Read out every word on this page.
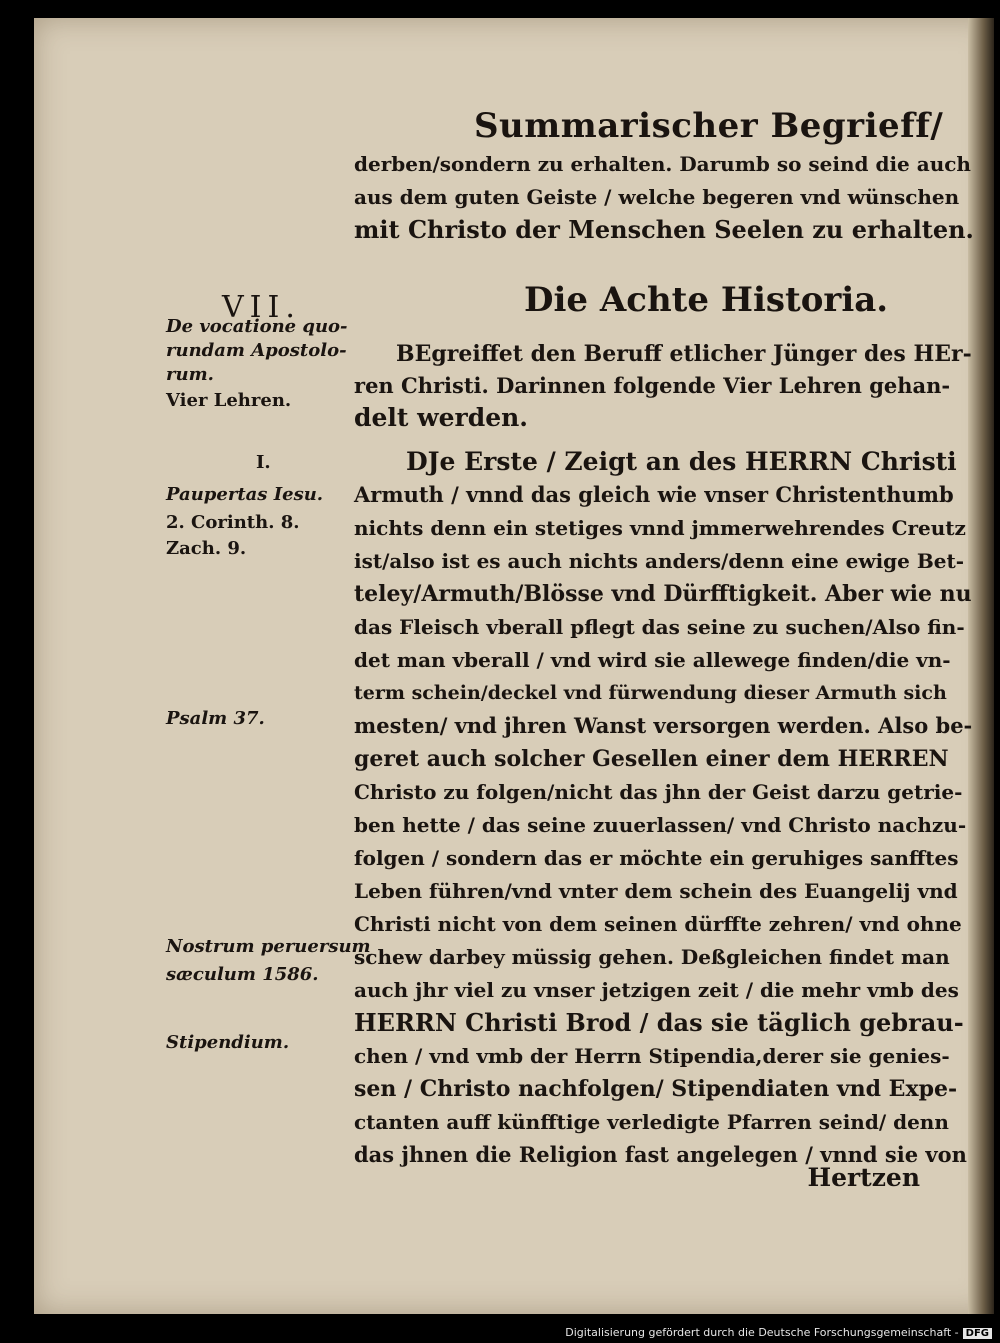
Summarischer Begrieff/
derben/sondern zu erhalten. Darumb so seind die auch
aus dem guten Geiste / welche begeren vnd wünschen
mit Christo der Menschen Seelen zu erhalten.
VII.	Die Achte Historia.
De vocatione quo-
rundam Apostolo-
rum.
Vier Lehren.
I.
Paupertas Iesu.
2. Corinth. 8.
Zach. 9.
Psalm 37.
Nostrum peruersum
sæculum 1586.
Stipendium.
BEgreiffet den Beruff etlicher Jünger des HEr-
ren Christi. Darinnen folgende Vier Lehren gehan-
delt werden.
DJe Erste / Zeigt an des HERRN Christi
Armuth / vnnd das gleich wie vnser Christenthumb
nichts denn ein stetiges vnnd jmmerwehrendes Creutz
ist/also ist es auch nichts anders/denn eine ewige Bet-
teley/Armuth/Blösse vnd Dürfftigkeit. Aber wie nu
das Fleisch vberall pflegt das seine zu suchen/Also fin-
det man vberall / vnd wird sie allewege finden/die vn-
term schein/deckel vnd fürwendung dieser Armuth sich
mesten/ vnd jhren Wanst versorgen werden. Also be-
geret auch solcher Gesellen einer dem HERREN
Christo zu folgen/nicht das jhn der Geist darzu getrie-
ben hette / das seine zuuerlassen/ vnd Christo nachzu-
folgen / sondern das er möchte ein geruhiges sanfftes
Leben führen/vnd vnter dem schein des Euangelij vnd
Christi nicht von dem seinen dürffte zehren/ vnd ohne
schew darbey müssig gehen. Deßgleichen findet man
auch jhr viel zu vnser jetzigen zeit / die mehr vmb des
HERRN Christi Brod / das sie täglich gebrau-
chen / vnd vmb der Herrn Stipendia,derer sie genies-
sen / Christo nachfolgen/ Stipendiaten vnd Expe-
ctanten auff künfftige verledigte Pfarren seind/ denn
das jhnen die Religion fast angelegen / vnnd sie von
Hertzen
Digitalisierung gefördert durch die Deutsche Forschungsgemeinschaft - DFG
